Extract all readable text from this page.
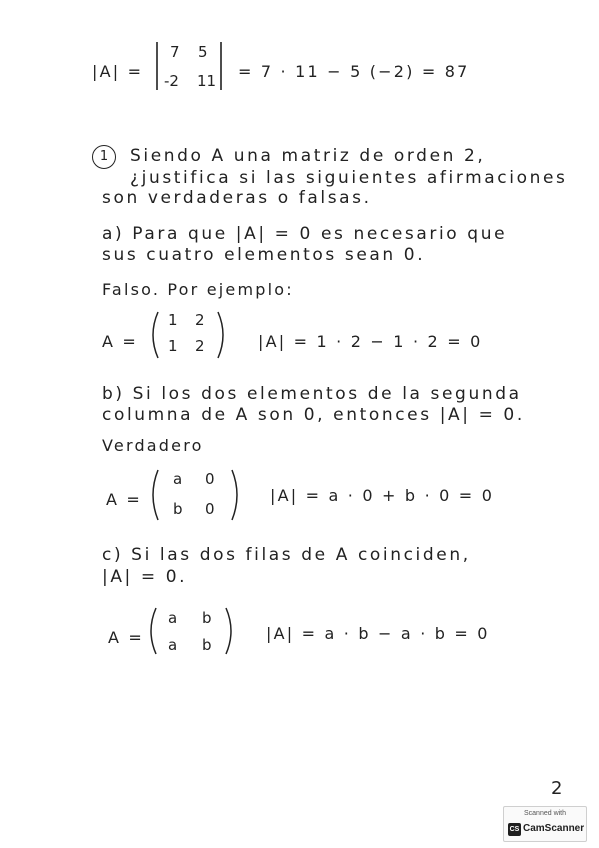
|A| =
7 5
-2 11 = 7 · 11 − 5 (−2) = 87
1	Siendo A una matriz de orden 2,
¿justifica si las siguientes afirmaciones
son verdaderas o falsas.
a) Para que |A| = 0 es necesario que
sus cuatro elementos sean 0.
Falso. Por ejemplo:
A =
1 2
1 2	|A| = 1 · 2 − 1 · 2 = 0
b) Si los dos elementos de la segunda
columna de A son 0, entonces |A| = 0.
Verdadero
A =
a 0
b 0
|A| = a · 0 + b · 0 = 0
c) Si las dos filas de A coinciden,
|A| = 0.
A =
a b
a b
|A| = a · b − a · b = 0
2
Scanned with
CS CamScanner
